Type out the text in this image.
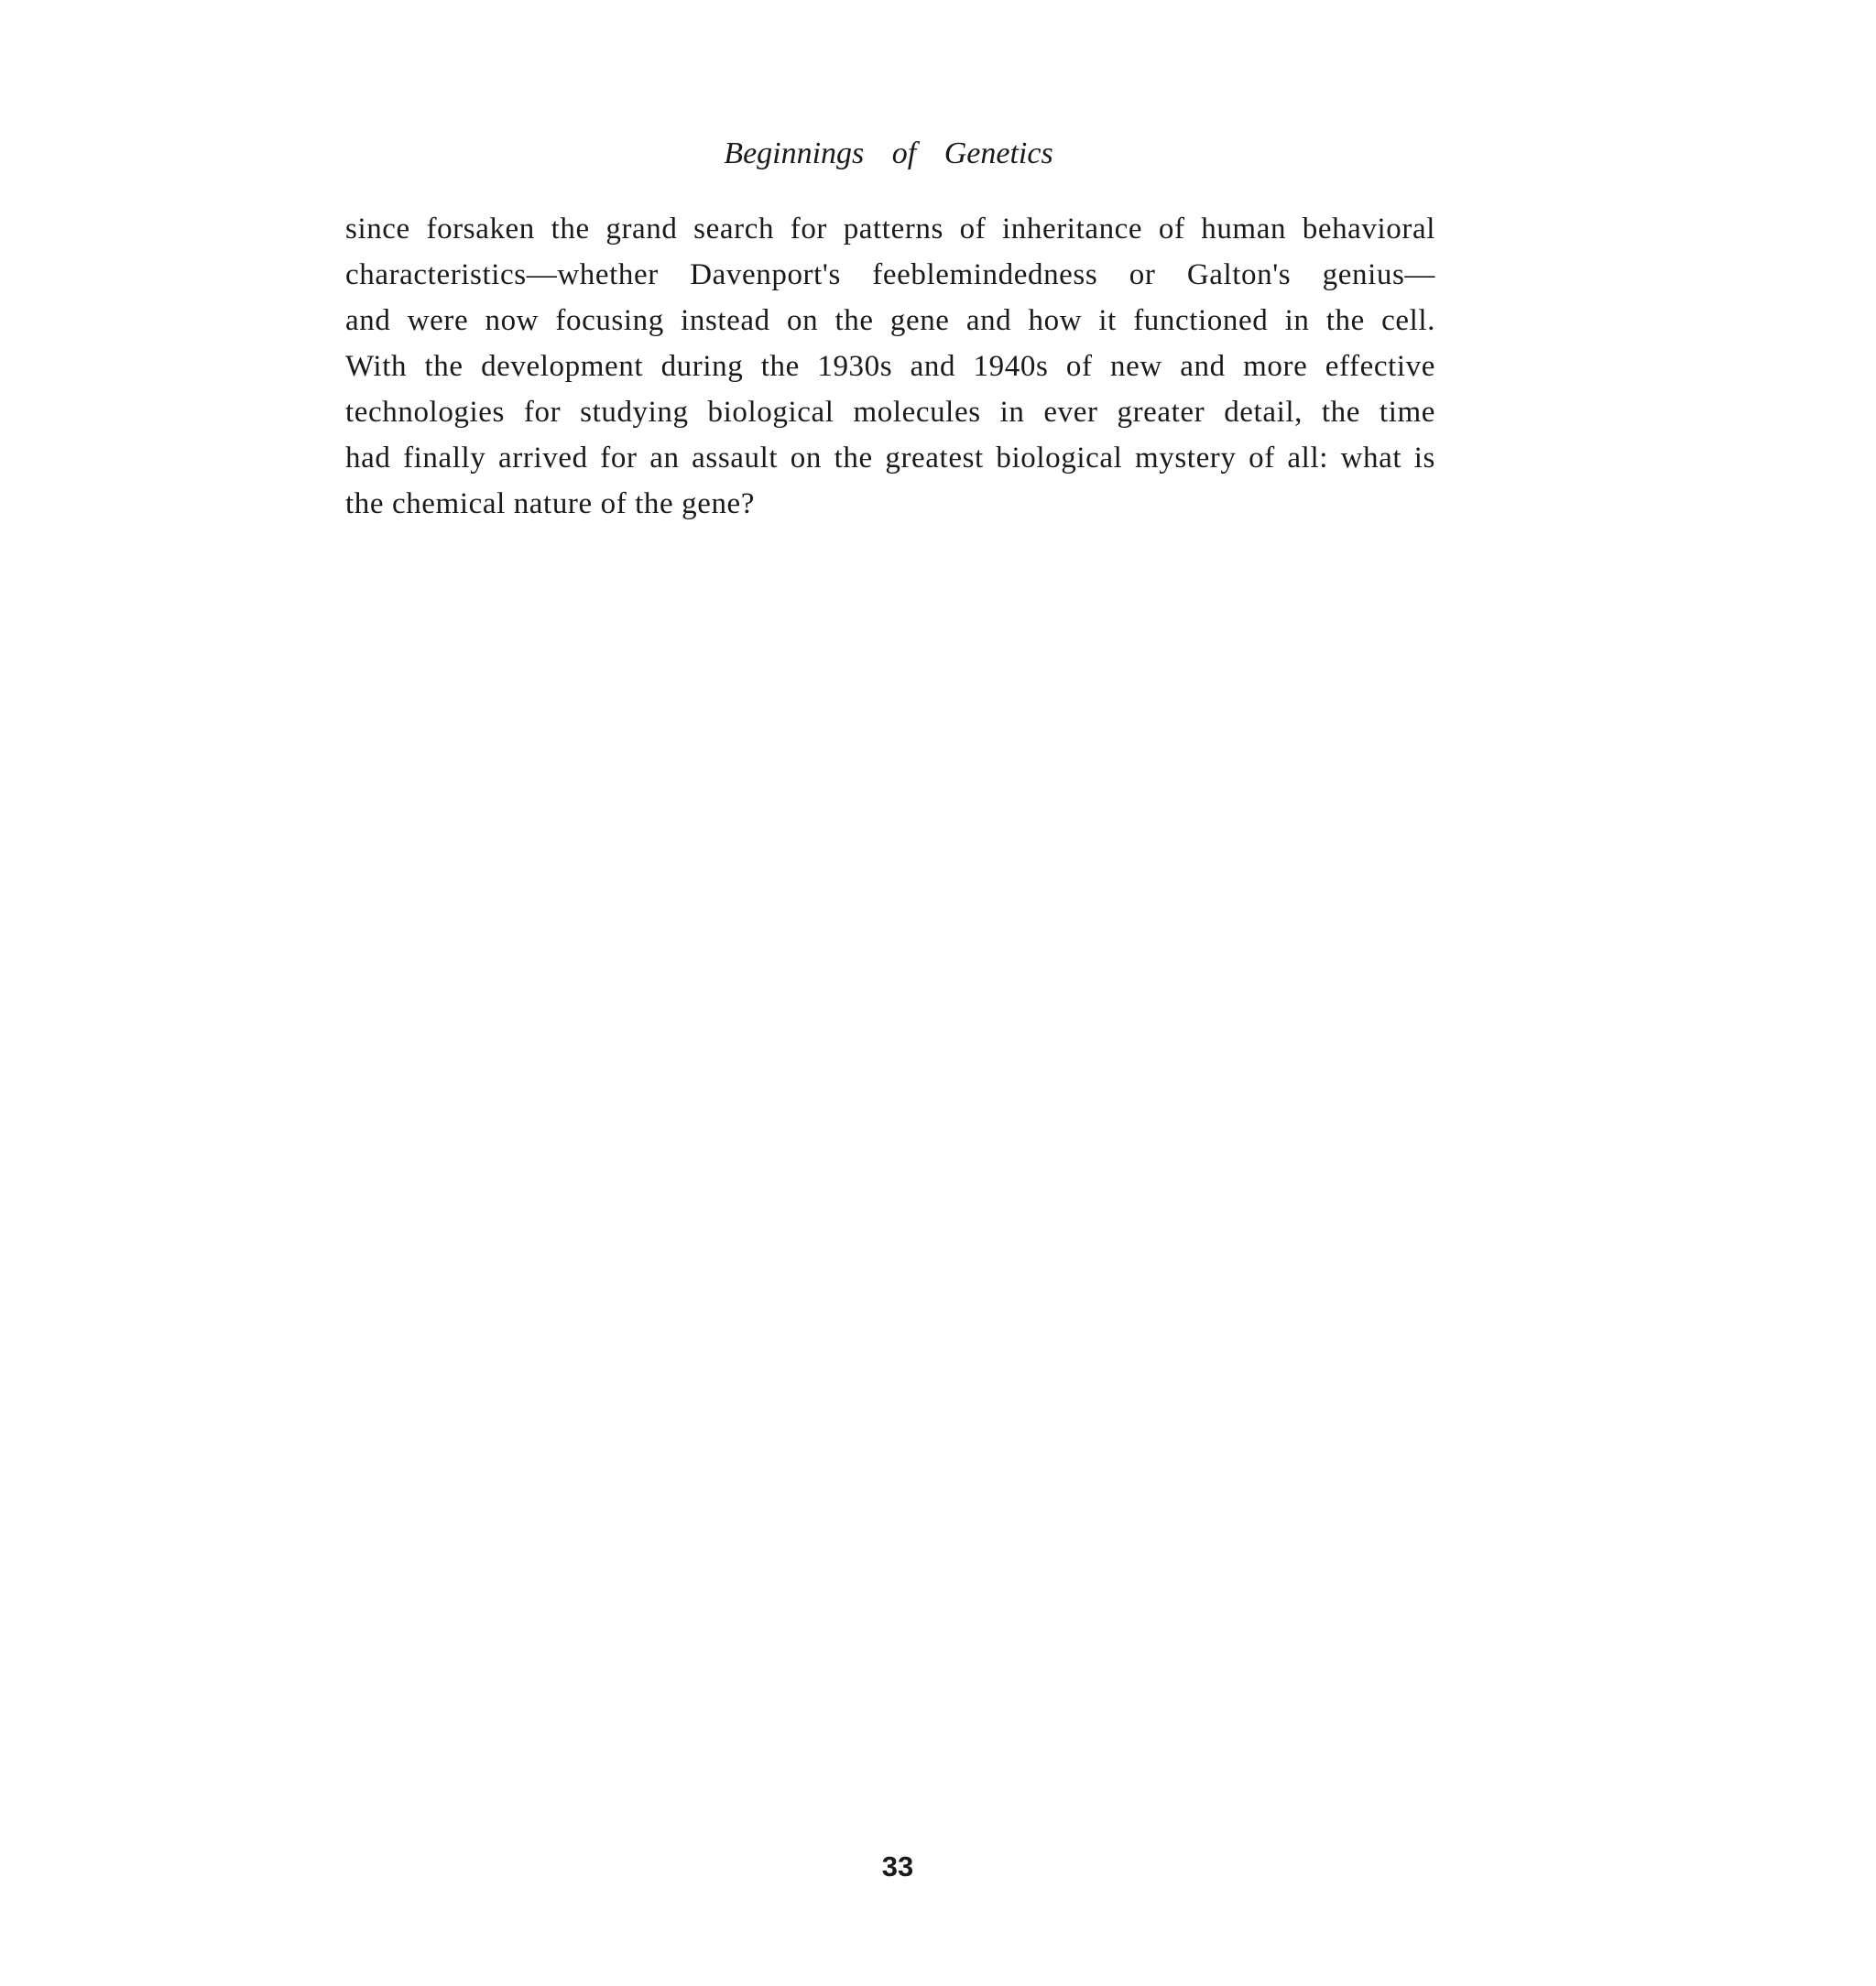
Beginnings of Genetics
since forsaken the grand search for patterns of inheritance of human behavioral
characteristics—whether Davenport's feeblemindedness or Galton's genius—
and were now focusing instead on the gene and how it functioned in the cell.
With the development during the 1930s and 1940s of new and more effective
technologies for studying biological molecules in ever greater detail, the time
had finally arrived for an assault on the greatest biological mystery of all: what is
the chemical nature of the gene?
33
